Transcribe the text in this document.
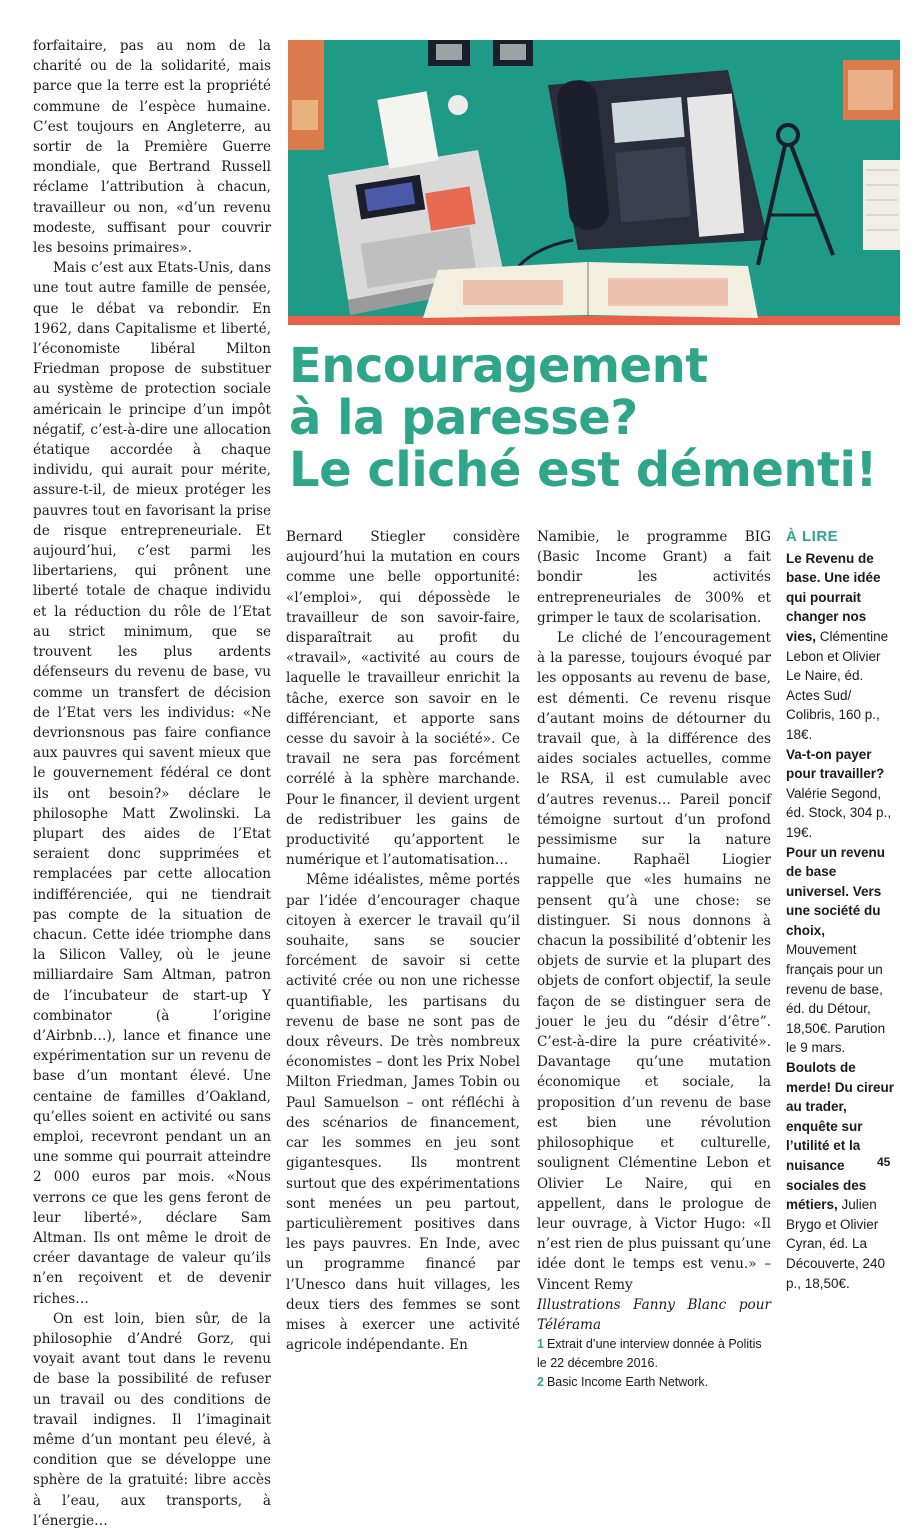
forfaitaire, pas au nom de la charité ou de la solidarité, mais parce que la terre est la propriété commune de l’espèce humaine. C’est toujours en Angleterre, au sortir de la Première Guerre mondiale, que Bertrand Russell réclame l’attribution à chacun, travailleur ou non, «d’un revenu modeste, suffisant pour couvrir les besoins primaires».

Mais c’est aux Etats-Unis, dans une tout autre famille de pensée, que le débat va rebondir. En 1962, dans Capitalisme et liberté, l’économiste libéral Milton Friedman propose de substituer au système de protection sociale américain le principe d’un impôt négatif, c’est-à-dire une allocation étatique accordée à chaque individu, qui aurait pour mérite, assure-t-il, de mieux protéger les pauvres tout en favorisant la prise de risque entrepreneuriale. Et aujourd’hui, c’est parmi les libertariens, qui prônent une liberté totale de chaque individu et la réduction du rôle de l’Etat au strict minimum, que se trouvent les plus ardents défenseurs du revenu de base, vu comme un transfert de décision de l’Etat vers les individus: «Ne devrionsnous pas faire confiance aux pauvres qui savent mieux que le gouvernement fédéral ce dont ils ont besoin?» déclare le philosophe Matt Zwolinski. La plupart des aides de l’Etat seraient donc supprimées et remplacées par cette allocation indifférenciée, qui ne tiendrait pas compte de la situation de chacun. Cette idée triomphe dans la Silicon Valley, où le jeune milliardaire Sam Altman, patron de l’incubateur de start-up Y combinator (à l’origine d’Airbnb…), lance et finance une expérimentation sur un revenu de base d’un montant élevé. Une centaine de familles d’Oakland, qu’elles soient en activité ou sans emploi, recevront pendant un an une somme qui pourrait atteindre 2 000 euros par mois. «Nous verrons ce que les gens feront de leur liberté», déclare Sam Altman. Ils ont même le droit de créer davantage de valeur qu’ils n’en reçoivent et de devenir riches…

On est loin, bien sûr, de la philosophie d’André Gorz, qui voyait avant tout dans le revenu de base la possibilité de refuser un travail ou des conditions de travail indignes. Il l’imaginait même d’un montant peu élevé, à condition que se développe une sphère de la gratuité: libre accès à l’eau, aux transports, à l’énergie…

Encouragement
à la paresse?
Le cliché est démenti!

Bernard Stiegler considère aujourd’hui la mutation en cours comme une belle opportunité: «l’emploi», qui dépossède le travailleur de son savoir-faire, disparaîtrait au profit du «travail», «activité au cours de laquelle le travailleur enrichit la tâche, exerce son savoir en le différenciant, et apporte sans cesse du savoir à la société». Ce travail ne sera pas forcément corrélé à la sphère marchande. Pour le financer, il devient urgent de redistribuer les gains de productivité qu’apportent le numérique et l’automatisation…

Même idéalistes, même portés par l’idée d’encourager chaque citoyen à exercer le travail qu’il souhaite, sans se soucier forcément de savoir si cette activité crée ou non une richesse quantifiable, les partisans du revenu de base ne sont pas de doux rêveurs. De très nombreux économistes – dont les Prix Nobel Milton Friedman, James Tobin ou Paul Samuelson – ont réfléchi à des scénarios de financement, car les sommes en jeu sont gigantesques. Ils montrent surtout que des expérimentations sont menées un peu partout, particulièrement positives dans les pays pauvres. En Inde, avec un programme financé par l’Unesco dans huit villages, les deux tiers des femmes se sont mises à exercer une activité agricole indépendante. En

Namibie, le programme BIG (Basic Income Grant) a fait bondir les activités entrepreneuriales de 300% et grimper le taux de scolarisation.

Le cliché de l’encouragement à la paresse, toujours évoqué par les opposants au revenu de base, est démenti. Ce revenu risque d’autant moins de détourner du travail que, à la différence des aides sociales actuelles, comme le RSA, il est cumulable avec d’autres revenus… Pareil poncif témoigne surtout d’un profond pessimisme sur la nature humaine. Raphaël Liogier rappelle que «les humains ne pensent qu’à une chose: se distinguer. Si nous donnons à chacun la possibilité d’obtenir les objets de survie et la plupart des objets de confort objectif, la seule façon de se distinguer sera de jouer le jeu du “désir d’être”. C’est-à-dire la pure créativité». Davantage qu’une mutation économique et sociale, la proposition d’un revenu de base est bien une révolution philosophique et culturelle, soulignent Clémentine Lebon et Olivier Le Naire, qui en appellent, dans le prologue de leur ouvrage, à Victor Hugo: «Il n’est rien de plus puissant qu’une idée dont le temps est venu.» – Vincent Remy

Illustrations Fanny Blanc pour Télérama

1 Extrait d’une interview donnée à Politis le 22 décembre 2016.
2 Basic Income Earth Network.
À LIRE
Le Revenu de base. Une idée qui pourrait changer nos vies, Clémentine Lebon et Olivier Le Naire, éd. Actes Sud/ Colibris, 160 p., 18€.
Va-t-on payer pour travailler? Valérie Segond, éd. Stock, 304 p., 19€.
Pour un revenu de base universel. Vers une société du choix, Mouvement français pour un revenu de base, éd. du Détour, 18,50€. Parution le 9 mars.
Boulots de merde! Du cireur au trader, enquête sur l’utilité et la nuisance sociales des métiers, Julien Brygo et Olivier Cyran, éd. La Découverte, 240 p., 18,50€.
45
